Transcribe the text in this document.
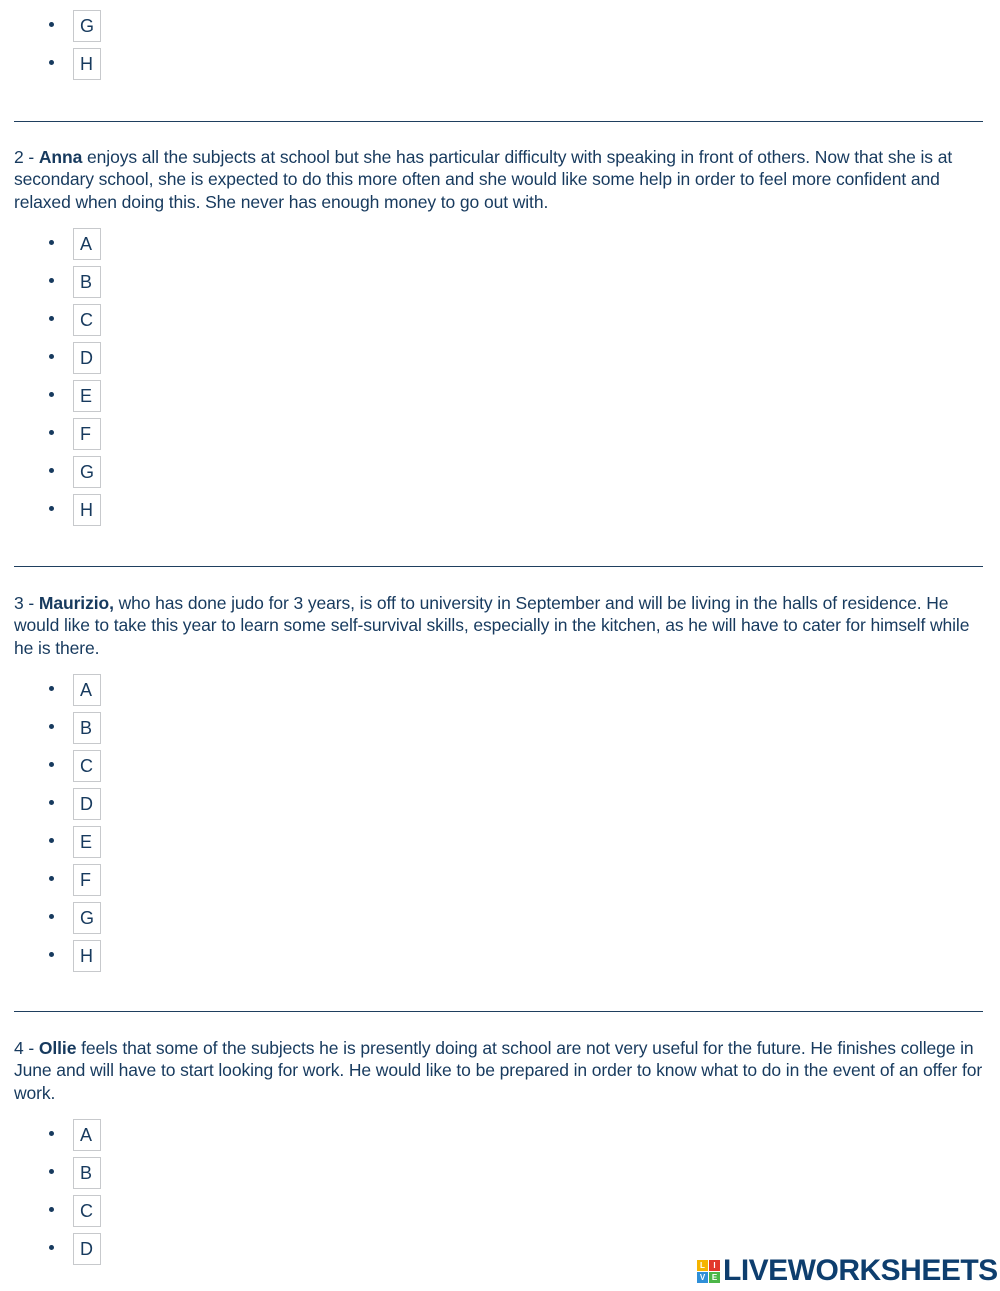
G
H
2 - Anna enjoys all the subjects at school but she has particular difficulty with speaking in front of others. Now that she is at secondary school, she is expected to do this more often and she would like some help in order to feel more confident and relaxed when doing this. She never has enough money to go out with.
A
B
C
D
E
F
G
H
3 - Maurizio, who has done judo for 3 years, is off to university in September and will be living in the halls of residence. He would like to take this year to learn some self-survival skills, especially in the kitchen, as he will have to cater for himself while he is there.
A
B
C
D
E
F
G
H
4 - Ollie feels that some of the subjects he is presently doing at school are not very useful for the future. He finishes college in June and will have to start looking for work. He would like to be prepared in order to know what to do in the event of an offer for work.
A
B
C
D
L	I
V E LIVEWORKSHEETS
